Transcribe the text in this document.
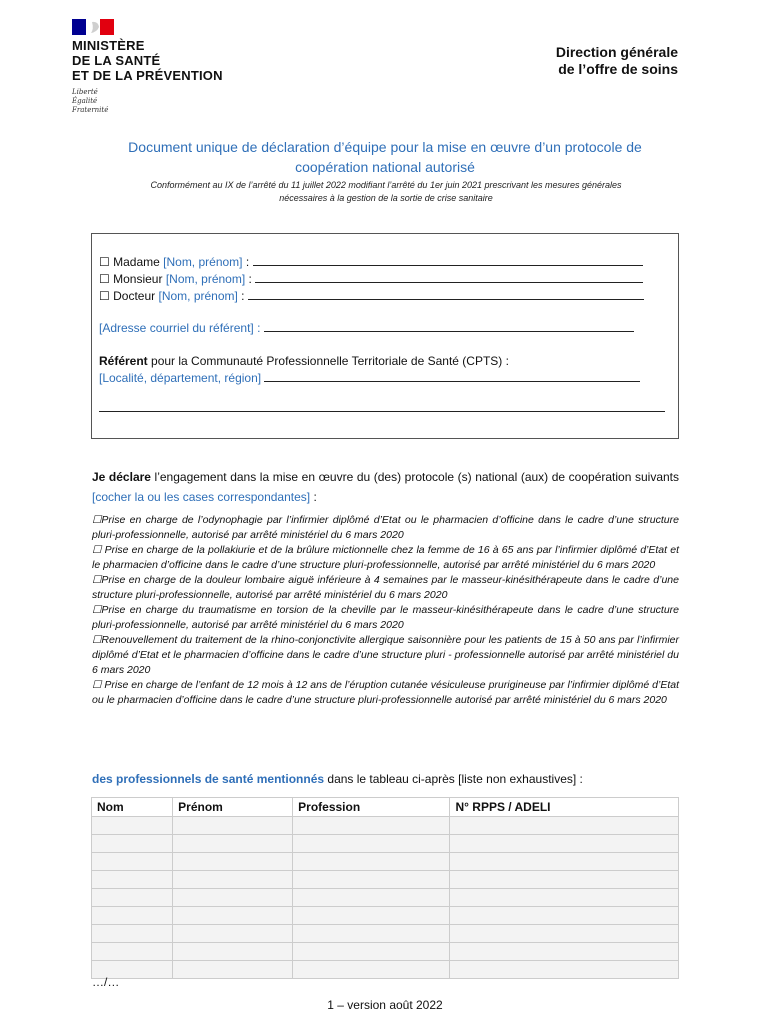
MINISTÈRE
DE LA SANTÉ
ET DE LA PRÉVENTION
Liberté
Égalité
Fraternité
Direction générale
de l’offre de soins
Document unique de déclaration d’équipe pour la mise en œuvre d’un protocole de
coopération national autorisé
Conformément au IX de l’arrêté du 11 juillet 2022 modifiant l’arrêté du 1er juin 2021 prescrivant les mesures générales
nécessaires à la gestion de la sortie de crise sanitaire
☐ Madame [Nom, prénom] :
☐ Monsieur [Nom, prénom] :
☐ Docteur [Nom, prénom] :
[Adresse courriel du référent] :
Référent pour la Communauté Professionnelle Territoriale de Santé (CPTS) :
[Localité, département, région]
Je déclare l’engagement dans la mise en œuvre du (des) protocole (s) national (aux) de coopération suivants [cocher la ou les cases correspondantes] :

☐Prise en charge de l’odynophagie par l’infirmier diplômé d’Etat ou le pharmacien d’officine dans le cadre d’une structure pluri-professionnelle, autorisé par arrêté ministériel du 6 mars 2020

☐ Prise en charge de la pollakiurie et de la brûlure mictionnelle chez la femme de 16 à 65 ans par l’infirmier diplômé d’Etat et le pharmacien d’officine dans le cadre d’une structure pluri-professionnelle, autorisé par arrêté ministériel du 6 mars 2020

☐Prise en charge de la douleur lombaire aiguë inférieure à 4 semaines par le masseur-kinésithérapeute dans le cadre d’une structure pluri-professionnelle, autorisé par arrêté ministériel du 6 mars 2020

☐Prise en charge du traumatisme en torsion de la cheville par le masseur-kinésithérapeute dans le cadre d’une structure pluri-professionnelle, autorisé par arrêté ministériel du 6 mars 2020

☐Renouvellement du traitement de la rhino-conjonctivite allergique saisonnière pour les patients de 15 à 50 ans par l’infirmier diplômé d’Etat et le pharmacien d’officine dans le cadre d’une structure pluri - professionnelle autorisé par arrêté ministériel du 6 mars 2020

☐ Prise en charge de l’enfant de 12 mois à 12 ans de l’éruption cutanée vésiculeuse prurigineuse par l’infirmier diplômé d’Etat ou le pharmacien d’officine dans le cadre d’une structure pluri-professionnelle autorisé par arrêté ministériel du 6 mars 2020

des professionnels de santé mentionnés dans le tableau ci-après [liste non exhaustives] :
Nom	Prénom	Profession	N° RPPS / ADELI

…/…
1 – version août 2022
